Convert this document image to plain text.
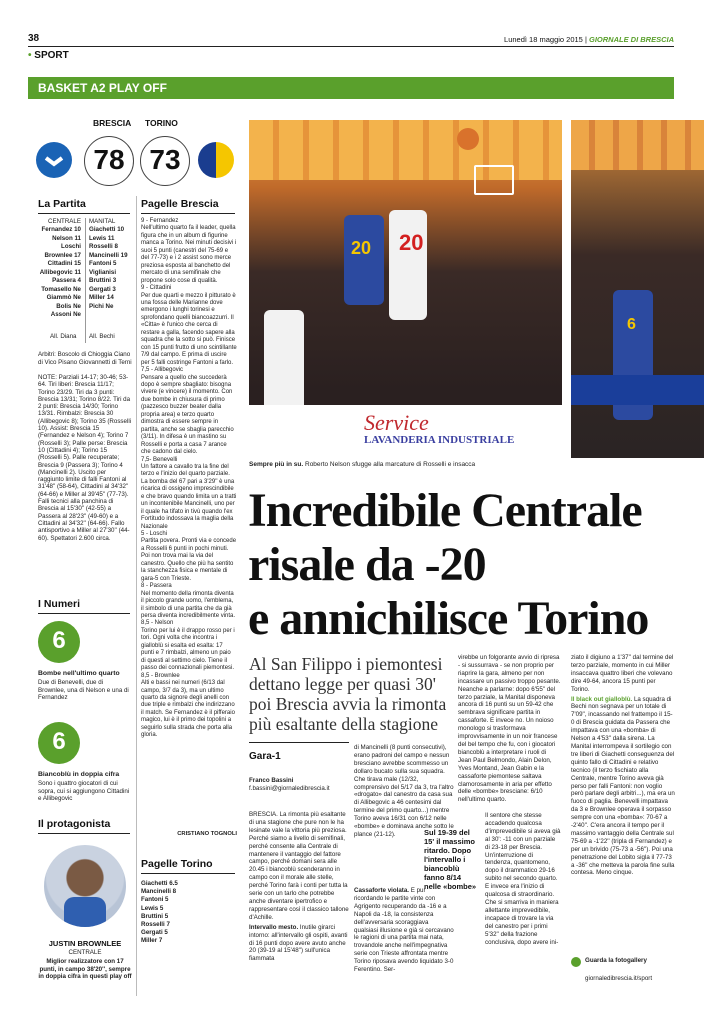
38	Lunedì 18 maggio 2015 | GIORNALE DI BRESCIA
• SPORT
BASKET A2 PLAY OFF
BRESCIA TORINO
78 73
La Partita
CENTRALE
Fernandez 10
Nelson 11
Loschi
Brownlee 17
Cittadini 15
Allibegovic 11
Passera 4
Tomasello Ne
Giammò Ne
Bolis Ne
Assoni Ne
MANITAL
Giachetti 10
Lewis 11
Rosselli 8
Mancinelli 19
Fantoni 5
Viglianisi
Bruttini 3
Gergati 3
Miller 14
Pichi Ne
All. Diana All. Bechi
Arbitri: Boscolo di Chioggia Ciano di Vico Pisano Giovannetti di Terni
NOTE: Parziali 14-17; 30-46; 53-64. Tiri liberi: Brescia 11/17; Torino 23/29. Tiri da 3 punti: Brescia 13/31; Torino 8/22. Tiri da 2 punti: Brescia 14/30; Torino 13/31. Rimbalzi: Brescia 30 (Allibegovic 8); Torino 35 (Rosselli 10). Assist: Brescia 15 (Fernandez e Nelson 4); Torino 7 (Rosselli 3); Palle perse: Brescia 10 (Cittadini 4); Torino 15 (Rosselli 5). Palle recuperate; Brescia 9 (Passera 3); Torino 4 (Mancinelli 2). Uscito per raggiunto limite di falli Fantoni al 31'48'' (58-64), Cittadini al 34'32'' (64-66) e Miller al 39'45'' (77-73). Falli tecnici alla panchina di Brescia al 15'30'' (42-55) a Passera al 28'23'' (49-60) e a Cittadini al 34'32'' (64-66). Fallo antisportivo a Miller al 27'30'' (44-60). Spettatori 2.600 circa.
I Numeri
6
Bombe nell'ultimo quarto
Due di Benevelli, due di Brownlee, una di Nelson e una di Fernandez
6
Biancoblù in doppia cifra
Sono i quattro giocatori di cui sopra, cui si aggiungono Cittadini e Allibegovic
Il protagonista
JUSTIN BROWNLEE
CENTRALE
Miglior realizzatore con 17 punti, in campo 38'20'', sempre in doppia cifra in questi play off
Pagelle Brescia
9 - Fernandez
Nell'ultimo quarto fa il leader, quella figura che in un album di figurine manca a Torino. Nei minuti decisivi i suoi 5 punti (canestri del 75-69 e del 77-73) e i 2 assist sono merce preziosa esposta al banchetto del mercato di una semifinale che propone solo cose di qualità.
9 - Cittadini
Per due quarti e mezzo il pitturato è una fossa delle Marianne dove emergono i lunghi torinesi e sprofondano quelli biancoazzurri. Il «Citta» è l'unico che cerca di restare a galla, facendo sapere alla squadra che la sotto si può. Finisce con 15 punti frutto di uno scintillante 7/9 dal campo. E prima di uscire per 5 falli costringe Fantoni a farlo.
7,5 - Allibegovic
Pensare a quello che succederà dopo è sempre sbagliato: bisogna vivere (e vincere) il momento. Con due bombe in chiusura di primo (pazzesco buzzer beater dalla propria area) e terzo quarto dimostra di essere sempre in partita, anche se sbaglia parecchio (3/11). In difesa è un mastino su Rosselli e porta a casa 7 arance che cadono dal cielo.
7,5- Benevelli
Un fattore a cavallo tra la fine del terzo e l'inizio del quarto parziale. La bomba del 67 pari a 3'29'' è una ricarica di ossigeno imprescindibile e che bravo quando limita un a tratti un incontenibile Mancinelli, uno per il quale ha tifato in tivù quando l'ex Fortitudo indossava la maglia della Nazionale
5 - Loschi
Partita povera. Pronti via e concede a Rosselli 6 punti in pochi minuti. Poi non trova mai la via del canestro. Quello che più ha sentito la stanchezza fisica e mentale di gara-5 con Trieste.
8 - Passera
Nel momento della rimonta diventa il piccolo grande uomo, l'emblema, il simbolo di una partita che da già persa diventa incredibilmente vinta.
8,5 - Nelson
Torino per lui è il drappo rosso per i tori. Ogni volta che incontra i gialloblù si esalta ed esalta: 17 punti e 7 rimbalzi, almeno un paio di questi al settimo cielo. Tiene il passo dei connazionali piemontesi.
8,5 - Brownlee
Alti e bassi nei numeri (6/13 dal campo, 3/7 da 3), ma un ultimo quarto da signore degli anelli con due triple e rimbalzi che indirizzano il match. Se Fernandez è il pifferaio magico, lui è il primo dei topolini a seguirlo sulla strada che porta alla gloria.
CRISTIANO TOGNOLI
Pagelle Torino
Giachetti 6.5
Mancinelli 8
Fantoni 5
Lewis 5
Bruttini 5
Rosselli 7
Gergati 5
Miller 7
20
20
LAVANDERIA INDUSTRIALE
Service
6
Sempre più in su. Roberto Nelson sfugge alla marcature di Rosselli e insacca
Incredibile Centrale
risale da -20
e annichilisce Torino
Al San Filippo i piemontesi dettano legge per quasi 30' poi Brescia avvia la rimonta più esaltante della stagione
Gara-1
Franco Bassini
f.bassini@giornaledibrescia.it
BRESCIA. La rimonta più esaltante di una stagione che pure non le ha lesinate vale la vittoria più preziosa. Perché siamo a livello di semifinali, perché consente alla Centrale di mantenere il vantaggio del fattore campo, perché domani sera alle 20.45 i biancoblù scenderanno in campo con il morale alle stelle, perché Torino farà i conti per tutta la serie con un tarlo che potrebbe anche diventare ipertrofico e rappresentare così il classico tallone d'Achille.
Intervallo mesto. Inutile girarci intorno: all'intervallo gli ospiti, avanti di 16 punti dopo avere avuto anche 20 (39-19 al 15'48'') sull'unica fiammata
di Mancinelli (8 punti consecutivi), erano padroni del campo e nessun bresciano avrebbe scommesso un dollaro bucato sulla sua squadra. Che tirava male (12/32, comprensivo del 5/17 da 3, tra l'altro «drogato» dal canestro da casa sua di Allibegovic a 46 centesimi dal termine del primo quarto...) mentre Torino aveva 16/31 con 6/12 nelle «bombe» e dominava anche sotto le plance (21-12).	Sul 19-39 del 15' il massimo ritardo. Dopo l'intervallo i biancoblù fanno 8/14 nelle «bombe»
Cassaforte violata. E pur ricordando le partite vinte con Agrigento recuperando da -16 e a Napoli da -18, la consistenza dell'avversaria scoraggiava qualsiasi illusione e già si cercavano le ragioni di una partita mai nata, trovandole anche nell'impegnativa serie con Trieste affrontata mentre Torino riposava avendo liquidato 3-0 Ferentino. Ser-
virebbe un folgorante avvio di ripresa - si sussurrava - se non proprio per riaprire la gara, almeno per non incassare un passivo troppo pesante. Neanche a parlarne: dopo 6'55'' del terzo parziale, la Manital disponeva ancora di 16 punti su un 59-42 che sembrava significare partita in cassaforte. E invece no. Un noioso monologo si trasformava improvvisamente in un noir francese del bel tempo che fu, con i giocatori biancoblù a interpretare i ruoli di Jean Paul Belmondo, Alain Delon, Yves Montand, Jean Gabin e la cassaforte piemontese saltava clamorosamente in aria per effetto delle «bombe» bresciane: 6/10 nell'ultimo quarto.
Il sentore che stesse accadendo qualcosa d'imprevedibile si aveva già al 30': -11 con un parziale di 23-18 per Brescia. Un'interruzione di tendenza, quantomeno, dopo il drammatico 29-16 subito nel secondo quarto. E invece era l'inizio di qualcosa di straordinario. Che si smarriva in maniera allettante imprevedibile, incapace di trovare la via del canestro per i primi 5'32'' della frazione conclusiva, dopo avere ini-
ziato il digiuno a 1'37'' dal termine del terzo parziale, momento in cui Miller insaccava quattro liberi che volevano dire 49-64, ancora 15 punti per Torino.
Il black out gialloblù. La squadra di Bechi non segnava per un totale di 7'09'', incassando nel frattempo il 15-0 di Brescia guidata da Passera che impattava con una «bomba» di Nelson a 4'53'' dalla sirena. La Manital interrompeva il sortilegio con tre liberi di Giachetti conseguenza del quinto fallo di Cittadini e relativo tecnico (il terzo fischiato alla Centrale, mentre Torino aveva già perso per falli Fantoni: non voglio però parlare degli arbitri...), ma era un fuoco di paglia. Benevelli impattava da 3 e Brownlee operava il sorpasso sempre con una «bomba»: 70-67 a -2'40''. C'era ancora il tempo per il massimo vantaggio della Centrale sul 75-69 a -1'22'' (tripla di Fernandez) e per un brivido (75-73 a -56''). Poi una penetrazione del Lobito sigla il 77-73 a -36'' che metteva la parola fine sulla contesa. Meno cinque.
Guarda la fotogallery
giornaledibrescia.it/sport
